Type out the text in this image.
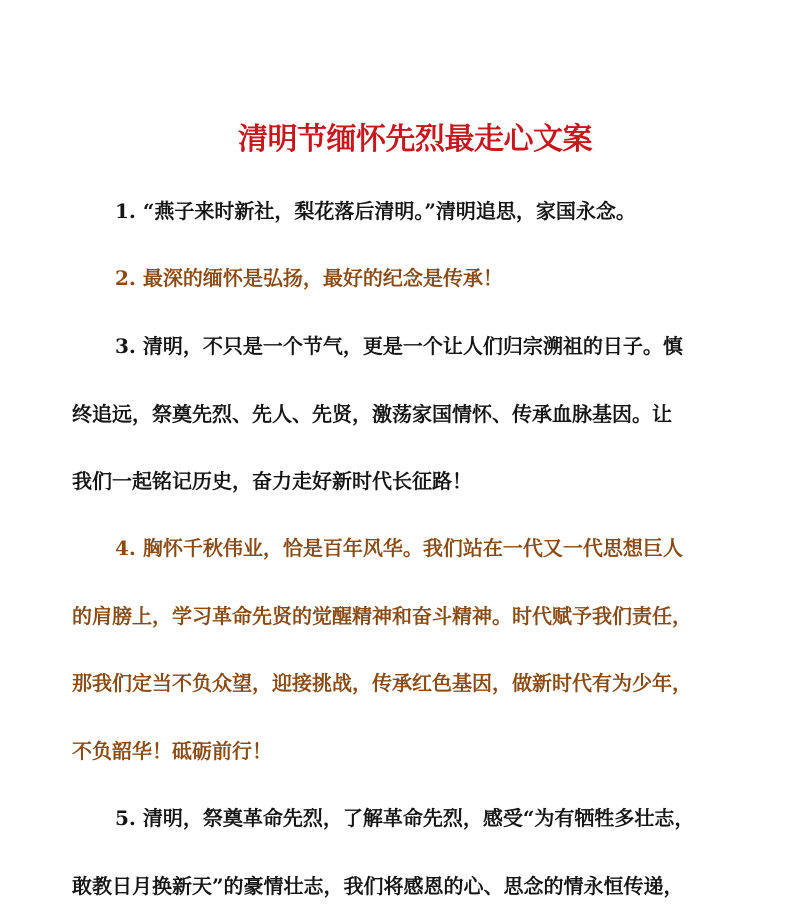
清明节缅怀先烈最走心文案
1. “燕子来时新社，梨花落后清明。”清明追思，家国永念。
2. 最深的缅怀是弘扬，最好的纪念是传承！
3. 清明，不只是一个节气，更是一个让人们归宗溯祖的日子。慎
终追远，祭奠先烈、先人、先贤，激荡家国情怀、传承血脉基因。让
我们一起铭记历史，奋力走好新时代长征路！
4. 胸怀千秋伟业，恰是百年风华。我们站在一代又一代思想巨人
的肩膀上，学习革命先贤的觉醒精神和奋斗精神。时代赋予我们责任，
那我们定当不负众望，迎接挑战，传承红色基因，做新时代有为少年，
不负韶华！砥砺前行！
5. 清明，祭奠革命先烈，了解革命先烈，感受“为有牺牲多壮志，
敢教日月换新天”的豪情壮志，我们将感恩的心、思念的情永恒传递，
